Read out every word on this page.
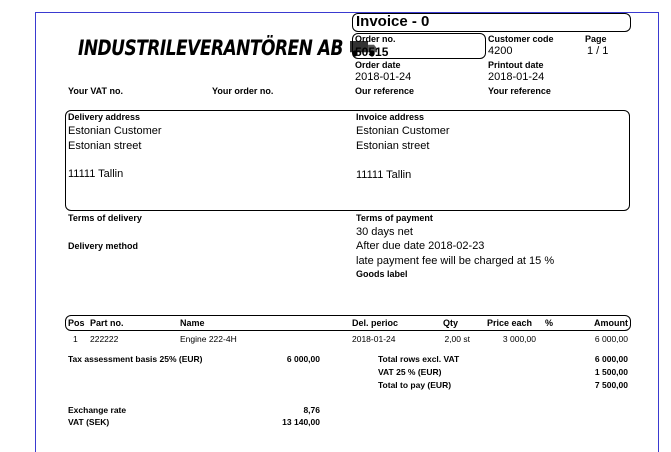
Invoice - 0
INDUSTRILEVERANTÖREN AB	Order no.
50515
Customer code
4200
Page
1 / 1
Order date
2018-01-24
Printout date
2018-01-24
Your VAT no.	Your order no.	Our reference	Your reference
Delivery address
Estonian Customer
Estonian street
11111 Tallin
Invoice address
Estonian Customer
Estonian street
11111 Tallin
Terms of delivery
Delivery method
Terms of payment
30 days net
After due date 2018-02-23
late payment fee will be charged at 15 %
Goods label
Pos Part no.	Name	Del. perioc	Qty	Price each %	Amount
1 222222	Engine 222-4H	2018-01-24	2,00 st	3 000,00	6 000,00
Tax assessment basis 25% (EUR)	6 000,00	Total rows excl. VAT	6 000,00
VAT 25 % (EUR)	1 500,00
Total to pay (EUR)	7 500,00
Exchange rate	8,76
VAT (SEK)	13 140,00
